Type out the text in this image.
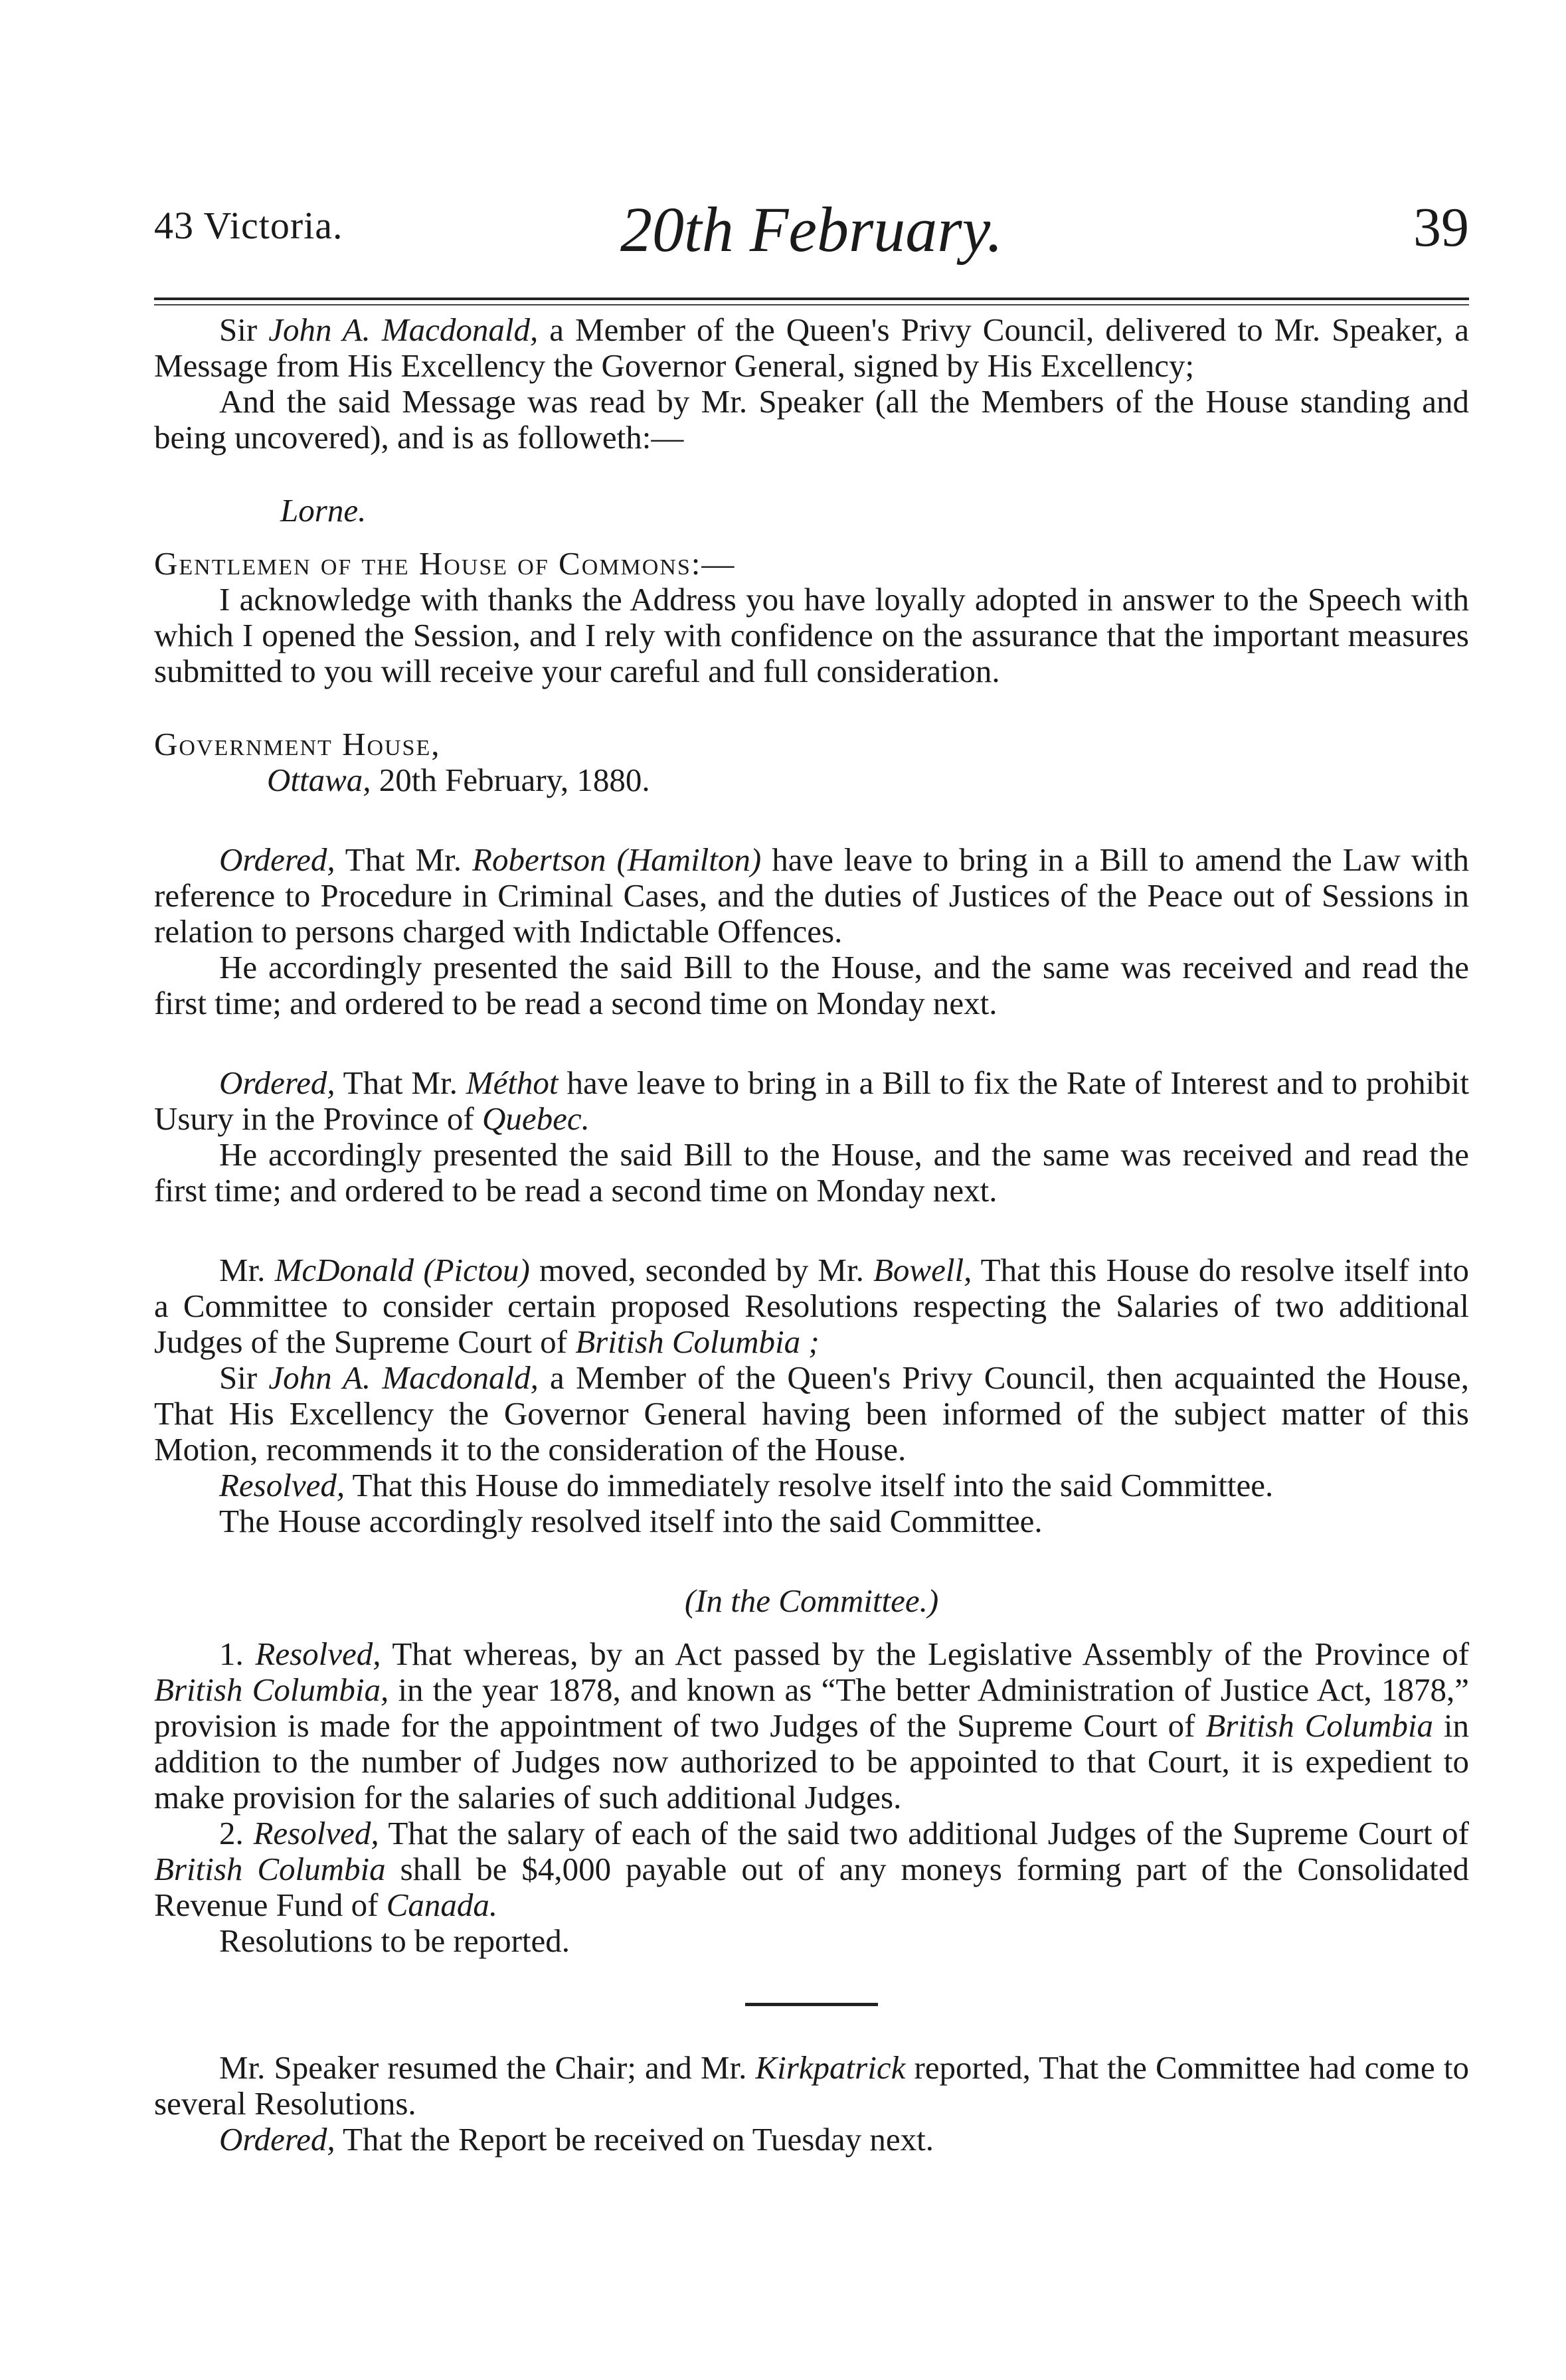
43 Victoria.	20th February.	39

Sir John A. Macdonald, a Member of the Queen's Privy Council, delivered to Mr. Speaker, a Message from His Excellency the Governor General, signed by His Excellency;

And the said Message was read by Mr. Speaker (all the Members of the House standing and being uncovered), and is as followeth:—

Lorne.

Gentlemen of the House of Commons:—

I acknowledge with thanks the Address you have loyally adopted in answer to the Speech with which I opened the Session, and I rely with confidence on the assurance that the important measures submitted to you will receive your careful and full consideration.

Government House,

Ottawa, 20th February, 1880.

Ordered, That Mr. Robertson (Hamilton) have leave to bring in a Bill to amend the Law with reference to Procedure in Criminal Cases, and the duties of Justices of the Peace out of Sessions in relation to persons charged with Indictable Offences.

He accordingly presented the said Bill to the House, and the same was received and read the first time; and ordered to be read a second time on Monday next.

Ordered, That Mr. Méthot have leave to bring in a Bill to fix the Rate of Interest and to prohibit Usury in the Province of Quebec.

He accordingly presented the said Bill to the House, and the same was received and read the first time; and ordered to be read a second time on Monday next.

Mr. McDonald (Pictou) moved, seconded by Mr. Bowell, That this House do resolve itself into a Committee to consider certain proposed Resolutions respecting the Salaries of two additional Judges of the Supreme Court of British Columbia ;

Sir John A. Macdonald, a Member of the Queen's Privy Council, then acquainted the House, That His Excellency the Governor General having been informed of the subject matter of this Motion, recommends it to the consideration of the House.

Resolved, That this House do immediately resolve itself into the said Committee.

The House accordingly resolved itself into the said Committee.

(In the Committee.)

1. Resolved, That whereas, by an Act passed by the Legislative Assembly of the Province of British Columbia, in the year 1878, and known as “The better Administration of Justice Act, 1878,” provision is made for the appointment of two Judges of the Supreme Court of British Columbia in addition to the number of Judges now authorized to be appointed to that Court, it is expedient to make provision for the salaries of such additional Judges.

2. Resolved, That the salary of each of the said two additional Judges of the Supreme Court of British Columbia shall be $4,000 payable out of any moneys forming part of the Consolidated Revenue Fund of Canada.

Resolutions to be reported.

Mr. Speaker resumed the Chair; and Mr. Kirkpatrick reported, That the Committee had come to several Resolutions.

Ordered, That the Report be received on Tuesday next.
